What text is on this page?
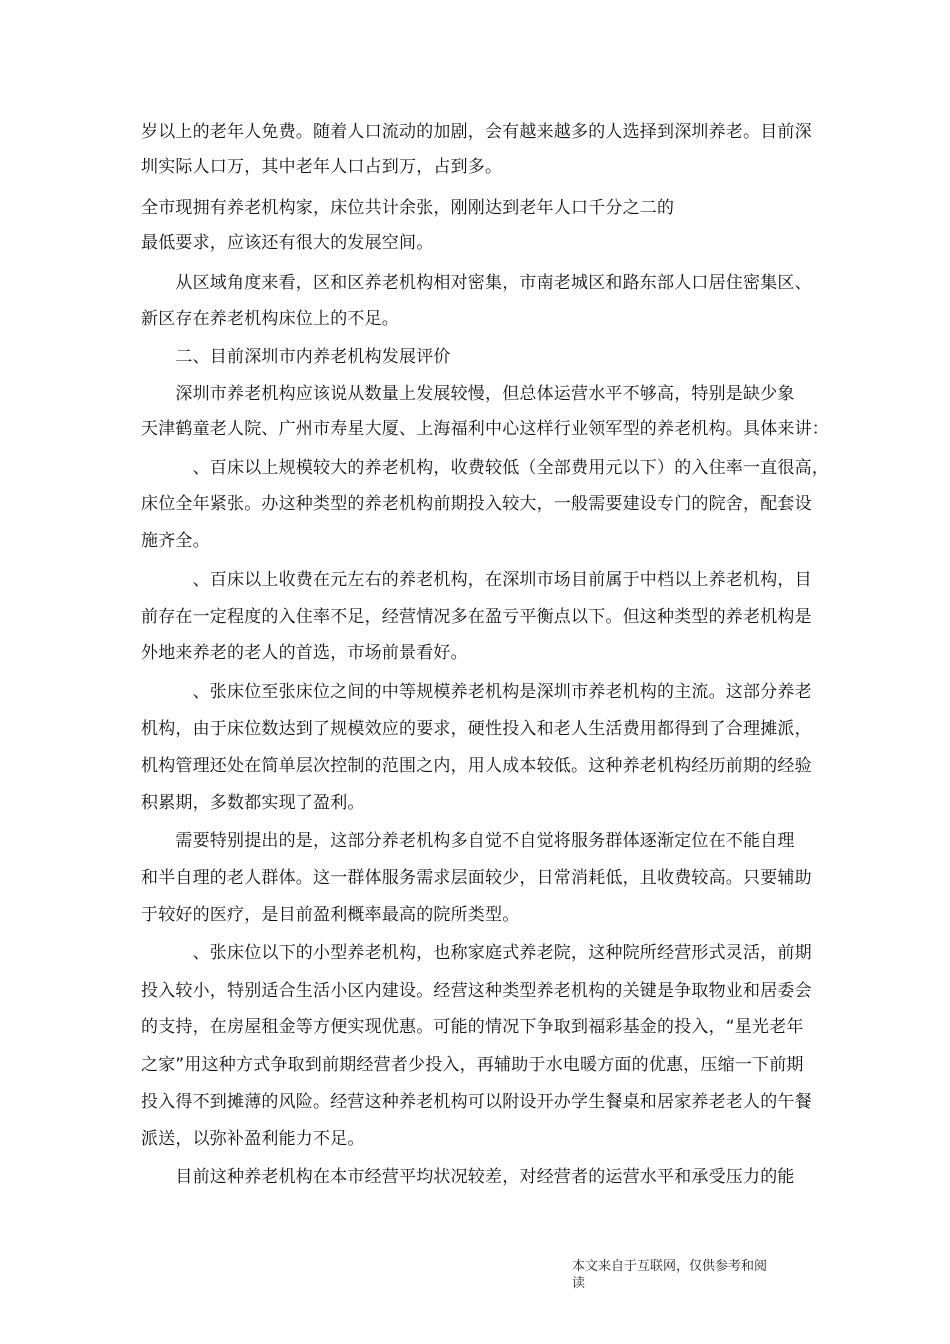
岁以上的老年人免费。随着人口流动的加剧，会有越来越多的人选择到深圳养老。目前深
圳实际人口万，其中老年人口占到万，占到多。
全市现拥有养老机构家，床位共计余张，刚刚达到老年人口千分之二的
最低要求，应该还有很大的发展空间。
　　从区域角度来看，区和区养老机构相对密集，市南老城区和路东部人口居住密集区、
新区存在养老机构床位上的不足。
　　二、目前深圳市内养老机构发展评价
　　深圳市养老机构应该说从数量上发展较慢，但总体运营水平不够高，特别是缺少象
天津鹤童老人院、广州市寿星大厦、上海福利中心这样行业领军型的养老机构。具体来讲：
　　　、百床以上规模较大的养老机构，收费较低（全部费用元以下）的入住率一直很高，
床位全年紧张。办这种类型的养老机构前期投入较大，一般需要建设专门的院舍，配套设
施齐全。
　　　、百床以上收费在元左右的养老机构，在深圳市场目前属于中档以上养老机构，目
前存在一定程度的入住率不足，经营情况多在盈亏平衡点以下。但这种类型的养老机构是
外地来养老的老人的首选，市场前景看好。
　　　、张床位至张床位之间的中等规模养老机构是深圳市养老机构的主流。这部分养老
机构，由于床位数达到了规模效应的要求，硬性投入和老人生活费用都得到了合理摊派，
机构管理还处在简单层次控制的范围之内，用人成本较低。这种养老机构经历前期的经验
积累期，多数都实现了盈利。
　　需要特别提出的是，这部分养老机构多自觉不自觉将服务群体逐渐定位在不能自理
和半自理的老人群体。这一群体服务需求层面较少，日常消耗低，且收费较高。只要辅助
于较好的医疗，是目前盈利概率最高的院所类型。
　　　、张床位以下的小型养老机构，也称家庭式养老院，这种院所经营形式灵活，前期
投入较小，特别适合生活小区内建设。经营这种类型养老机构的关键是争取物业和居委会
的支持，在房屋租金等方便实现优惠。可能的情况下争取到福彩基金的投入，“星光老年
之家”用这种方式争取到前期经营者少投入，再辅助于水电暖方面的优惠，压缩一下前期
投入得不到摊薄的风险。经营这种养老机构可以附设开办学生餐桌和居家养老老人的午餐
派送，以弥补盈利能力不足。
　　目前这种养老机构在本市经营平均状况较差，对经营者的运营水平和承受压力的能
本文来自于互联网，仅供参考和阅
读
